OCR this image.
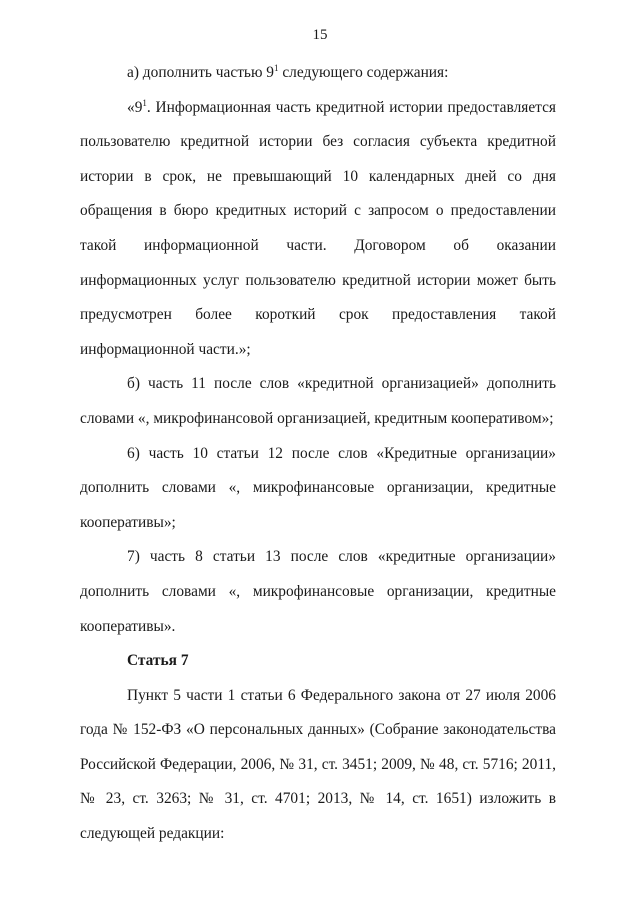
15

а) дополнить частью $9^1$ следующего содержания:

«$9^1$. Информационная часть кредитной истории предоставляется пользователю кредитной истории без согласия субъекта кредитной истории в срок, не превышающий 10 календарных дней со дня обращения в бюро кредитных историй с запросом о предоставлении такой информационной части. Договором об оказании информационных услуг пользователю кредитной истории может быть предусмотрен более короткий срок предоставления такой информационной части.»;

б) часть 11 после слов «кредитной организацией» дополнить словами «, микрофинансовой организацией, кредитным кооперативом»;

6) часть 10 статьи 12 после слов «Кредитные организации» дополнить словами «, микрофинансовые организации, кредитные кооперативы»;

7) часть 8 статьи 13 после слов «кредитные организации» дополнить словами «, микрофинансовые организации, кредитные кооперативы».

Статья 7

Пункт 5 части 1 статьи 6 Федерального закона от 27 июля 2006 года № 152-ФЗ «О персональных данных» (Собрание законодательства Российской Федерации, 2006, № 31, ст. 3451; 2009, № 48, ст. 5716; 2011, № 23, ст. 3263; № 31, ст. 4701; 2013, № 14, ст. 1651) изложить в следующей редакции:
